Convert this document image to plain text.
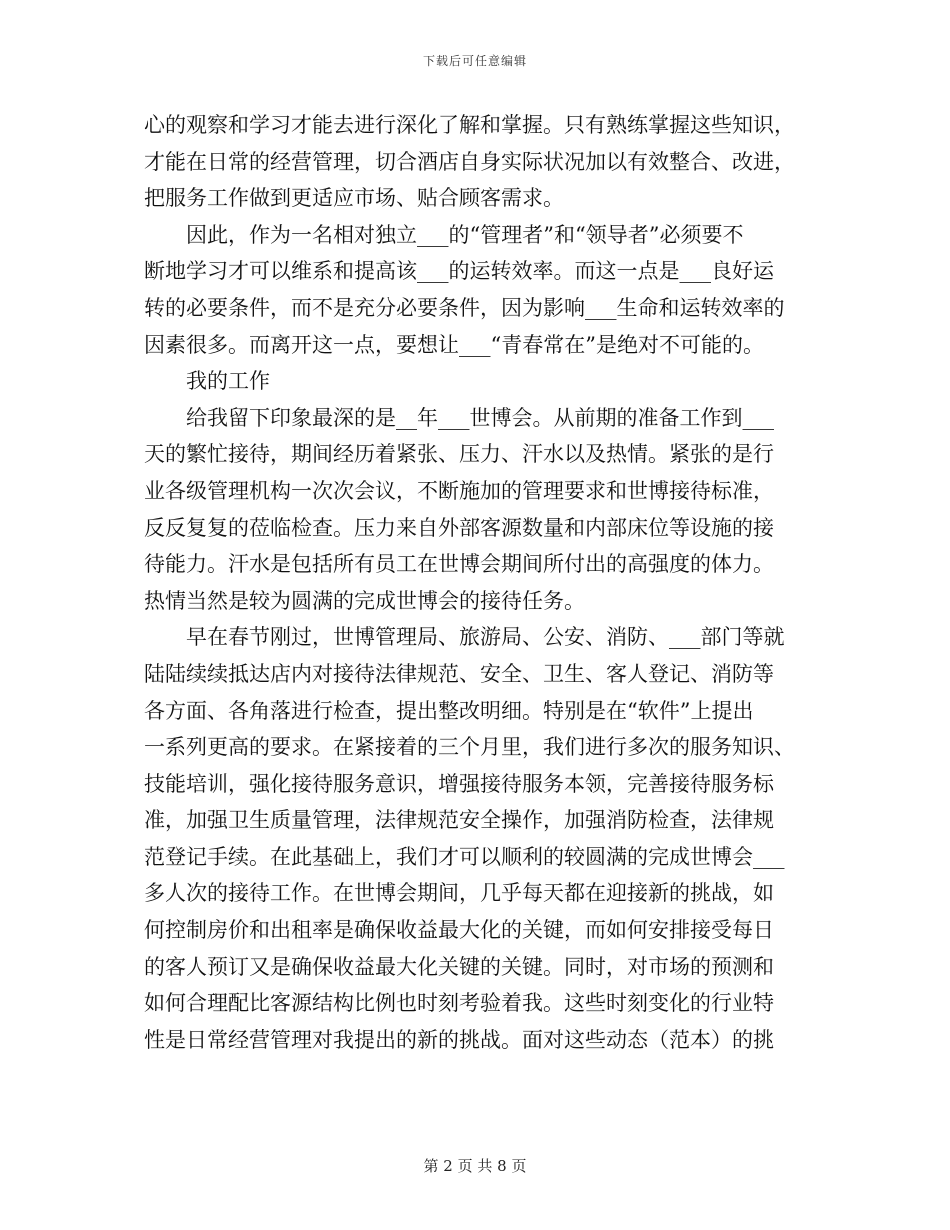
下载后可任意编辑
心的观察和学习才能去进行深化了解和掌握。只有熟练掌握这些知识，
才能在日常的经营管理，切合酒店自身实际状况加以有效整合、改进，
把服务工作做到更适应市场、贴合顾客需求。
因此，作为一名相对独立___的“管理者”和“领导者”必须要不
断地学习才可以维系和提高该___的运转效率。而这一点是___良好运
转的必要条件，而不是充分必要条件，因为影响___生命和运转效率的
因素很多。而离开这一点，要想让___“青春常在”是绝对不可能的。
我的工作
给我留下印象最深的是__年___世博会。从前期的准备工作到___
天的繁忙接待，期间经历着紧张、压力、汗水以及热情。紧张的是行
业各级管理机构一次次会议，不断施加的管理要求和世博接待标准，
反反复复的莅临检查。压力来自外部客源数量和内部床位等设施的接
待能力。汗水是包括所有员工在世博会期间所付出的高强度的体力。
热情当然是较为圆满的完成世博会的接待任务。
早在春节刚过，世博管理局、旅游局、公安、消防、___部门等就
陆陆续续抵达店内对接待法律规范、安全、卫生、客人登记、消防等
各方面、各角落进行检查，提出整改明细。特别是在“软件”上提出
一系列更高的要求。在紧接着的三个月里，我们进行多次的服务知识、
技能培训，强化接待服务意识，增强接待服务本领，完善接待服务标
准，加强卫生质量管理，法律规范安全操作，加强消防检查，法律规
范登记手续。在此基础上，我们才可以顺利的较圆满的完成世博会___
多人次的接待工作。在世博会期间，几乎每天都在迎接新的挑战，如
何控制房价和出租率是确保收益最大化的关键，而如何安排接受每日
的客人预订又是确保收益最大化关键的关键。同时，对市场的预测和
如何合理配比客源结构比例也时刻考验着我。这些时刻变化的行业特
性是日常经营管理对我提出的新的挑战。面对这些动态（范本）的挑
第 2 页 共 8 页
